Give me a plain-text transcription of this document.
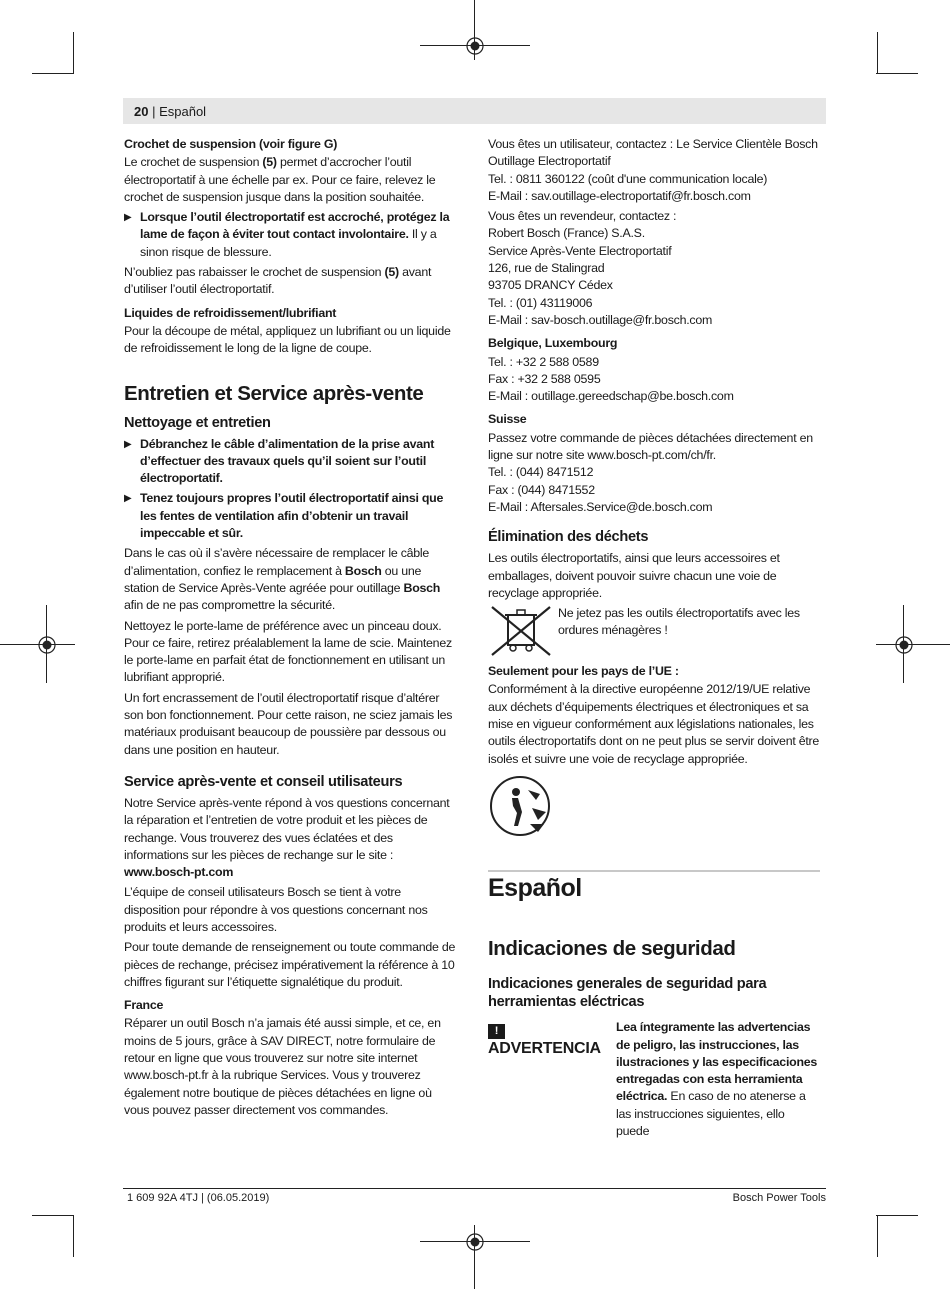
20 | Español
Crochet de suspension (voir figure G)

Le crochet de suspension (5) permet d’accrocher l’outil électroportatif à une échelle par ex. Pour ce faire, relevez le crochet de suspension jusque dans la position souhaitée.

▶ Lorsque l’outil électroportatif est accroché, protégez la lame de façon à éviter tout contact involontaire. Il y a sinon risque de blessure.

N’oubliez pas rabaisser le crochet de suspension (5) avant d’utiliser l’outil électroportatif.

Liquides de refroidissement/lubrifiant

Pour la découpe de métal, appliquez un lubrifiant ou un liquide de refroidissement le long de la ligne de coupe.

Entretien et Service après-vente
Nettoyage et entretien
▶ Débranchez le câble d’alimentation de la prise avant d’effectuer des travaux quels qu’il soient sur l’outil électroportatif.
▶ Tenez toujours propres l’outil électroportatif ainsi que les fentes de ventilation afin d’obtenir un travail impeccable et sûr.

Dans le cas où il s’avère nécessaire de remplacer le câble d’alimentation, confiez le remplacement à Bosch ou une station de Service Après-Vente agréée pour outillage Bosch afin de ne pas compromettre la sécurité.

Nettoyez le porte-lame de préférence avec un pinceau doux. Pour ce faire, retirez préalablement la lame de scie. Maintenez le porte-lame en parfait état de fonctionnement en utilisant un lubrifiant approprié.

Un fort encrassement de l’outil électroportatif risque d’altérer son bon fonctionnement. Pour cette raison, ne sciez jamais les matériaux produisant beaucoup de poussière par dessous ou dans une position en hauteur.

Service après-vente et conseil utilisateurs

Notre Service après-vente répond à vos questions concernant la réparation et l’entretien de votre produit et les pièces de rechange. Vous trouverez des vues éclatées et des informations sur les pièces de rechange sur le site : www.bosch-pt.com

L’équipe de conseil utilisateurs Bosch se tient à votre disposition pour répondre à vos questions concernant nos produits et leurs accessoires.

Pour toute demande de renseignement ou toute commande de pièces de rechange, précisez impérativement la référence à 10 chiffres figurant sur l’étiquette signalétique du produit.

France

Réparer un outil Bosch n’a jamais été aussi simple, et ce, en moins de 5 jours, grâce à SAV DIRECT, notre formulaire de retour en ligne que vous trouverez sur notre site internet www.bosch-pt.fr à la rubrique Services. Vous y trouverez également notre boutique de pièces détachées en ligne où vous pouvez passer directement vos commandes.

Vous êtes un utilisateur, contactez : Le Service Clientèle Bosch Outillage Electroportatif
Tel. : 0811 360122 (coût d'une communication locale)
E-Mail : sav.outillage-electroportatif@fr.bosch.com

Vous êtes un revendeur, contactez :
Robert Bosch (France) S.A.S.
Service Après-Vente Electroportatif
126, rue de Stalingrad
93705 DRANCY Cédex
Tel. : (01) 43119006
E-Mail : sav-bosch.outillage@fr.bosch.com

Belgique, Luxembourg

Tel. : +32 2 588 0589
Fax : +32 2 588 0595
E-Mail : outillage.gereedschap@be.bosch.com

Suisse

Passez votre commande de pièces détachées directement en ligne sur notre site www.bosch-pt.com/ch/fr.
Tel. : (044) 8471512
Fax : (044) 8471552
E-Mail : Aftersales.Service@de.bosch.com

Élimination des déchets

Les outils électroportatifs, ainsi que leurs accessoires et emballages, doivent pouvoir suivre chacun une voie de recyclage appropriée.

Ne jetez pas les outils électroportatifs avec les ordures ménagères !
Seulement pour les pays de l’UE :

Conformément à la directive européenne 2012/19/UE relative aux déchets d’équipements électriques et électroniques et sa mise en vigueur conformément aux législations nationales, les outils électroportatifs dont on ne peut plus se servir doivent être isolés et suivre une voie de recyclage appropriée.

Español
Indicaciones de seguridad
Indicaciones generales de seguridad para herramientas eléctricas
!ADVERTENCIA
Lea íntegramente las advertencias de peligro, las instrucciones, las ilustraciones y las especificaciones entregadas con esta herramienta eléctrica. En caso de no atenerse a las instrucciones siguientes, ello puede
1 609 92A 4TJ | (06.05.2019)	Bosch Power Tools
